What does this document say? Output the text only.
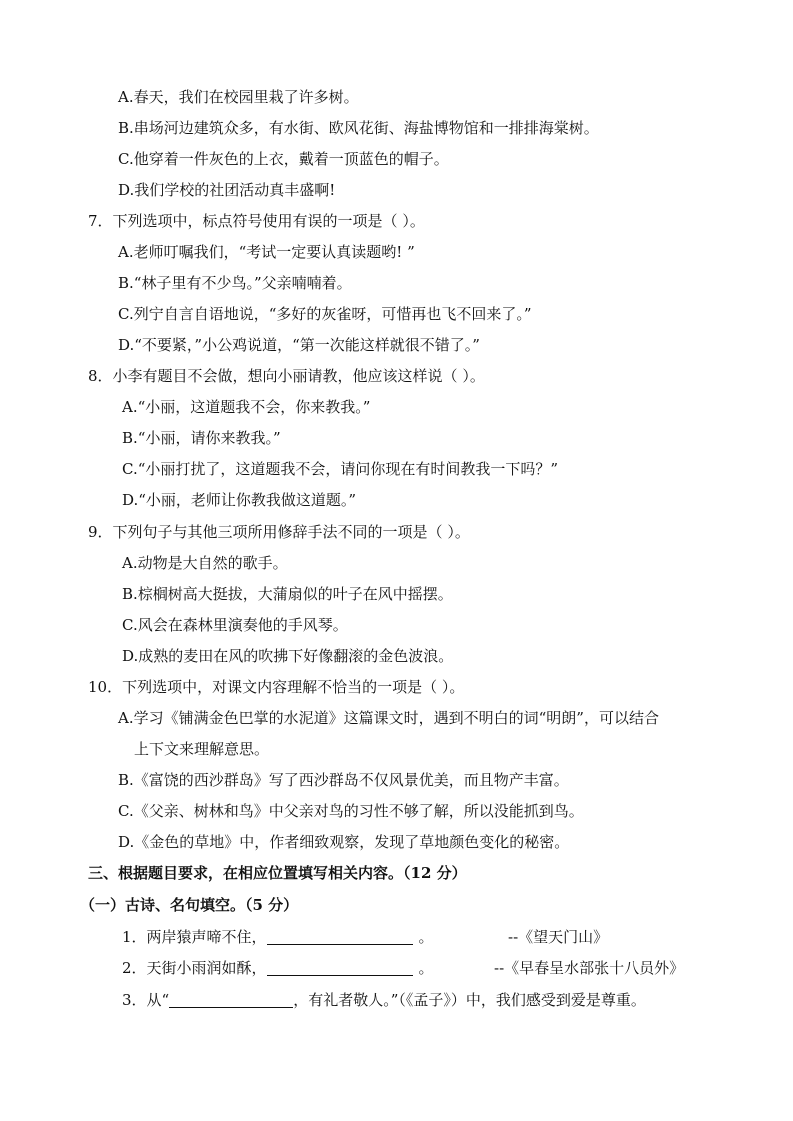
A.春天，我们在校园里栽了许多树。
B.串场河边建筑众多，有水街、欧风花街、海盐博物馆和一排排海棠树。
C.他穿着一件灰色的上衣，戴着一顶蓝色的帽子。
D.我们学校的社团活动真丰盛啊!
7．下列选项中，标点符号使用有误的一项是（ ）。
A.老师叮嘱我们，“考试一定要认真读题哟! ”
B.“林子里有不少鸟。”父亲喃喃着。
C.列宁自言自语地说，“多好的灰雀呀，可惜再也飞不回来了。”
D.“不要紧，”小公鸡说道，“第一次能这样就很不错了。”
8．小李有题目不会做，想向小丽请教，他应该这样说（ ）。
A.“小丽，这道题我不会，你来教我。”
B.“小丽，请你来教我。”
C.“小丽打扰了，这道题我不会，请问你现在有时间教我一下吗？”
D.“小丽，老师让你教我做这道题。”
9．下列句子与其他三项所用修辞手法不同的一项是（ ）。
A.动物是大自然的歌手。
B.棕榈树高大挺拔，大蒲扇似的叶子在风中摇摆。
C.风会在森林里演奏他的手风琴。
D.成熟的麦田在风的吹拂下好像翻滚的金色波浪。
10．下列选项中，对课文内容理解不恰当的一项是（ ）。
A.学习《铺满金色巴掌的水泥道》这篇课文时，遇到不明白的词“明朗”，可以结合
上下文来理解意思。
B.《富饶的西沙群岛》写了西沙群岛不仅风景优美，而且物产丰富。
C.《父亲、树林和鸟》中父亲对鸟的习性不够了解，所以没能抓到鸟。
D.《金色的草地》中，作者细致观察，发现了草地颜色变化的秘密。
三、根据题目要求，在相应位置填写相关内容。（12 分）
（一）古诗、名句填空。（5 分）
1．两岸猿声啼不住，	。	--《望天门山》
2．天街小雨润如酥，	。	--《早春呈水部张十八员外》
3．从“	，有礼者敬人。”（《孟子》）中，我们感受到爱是尊重。
